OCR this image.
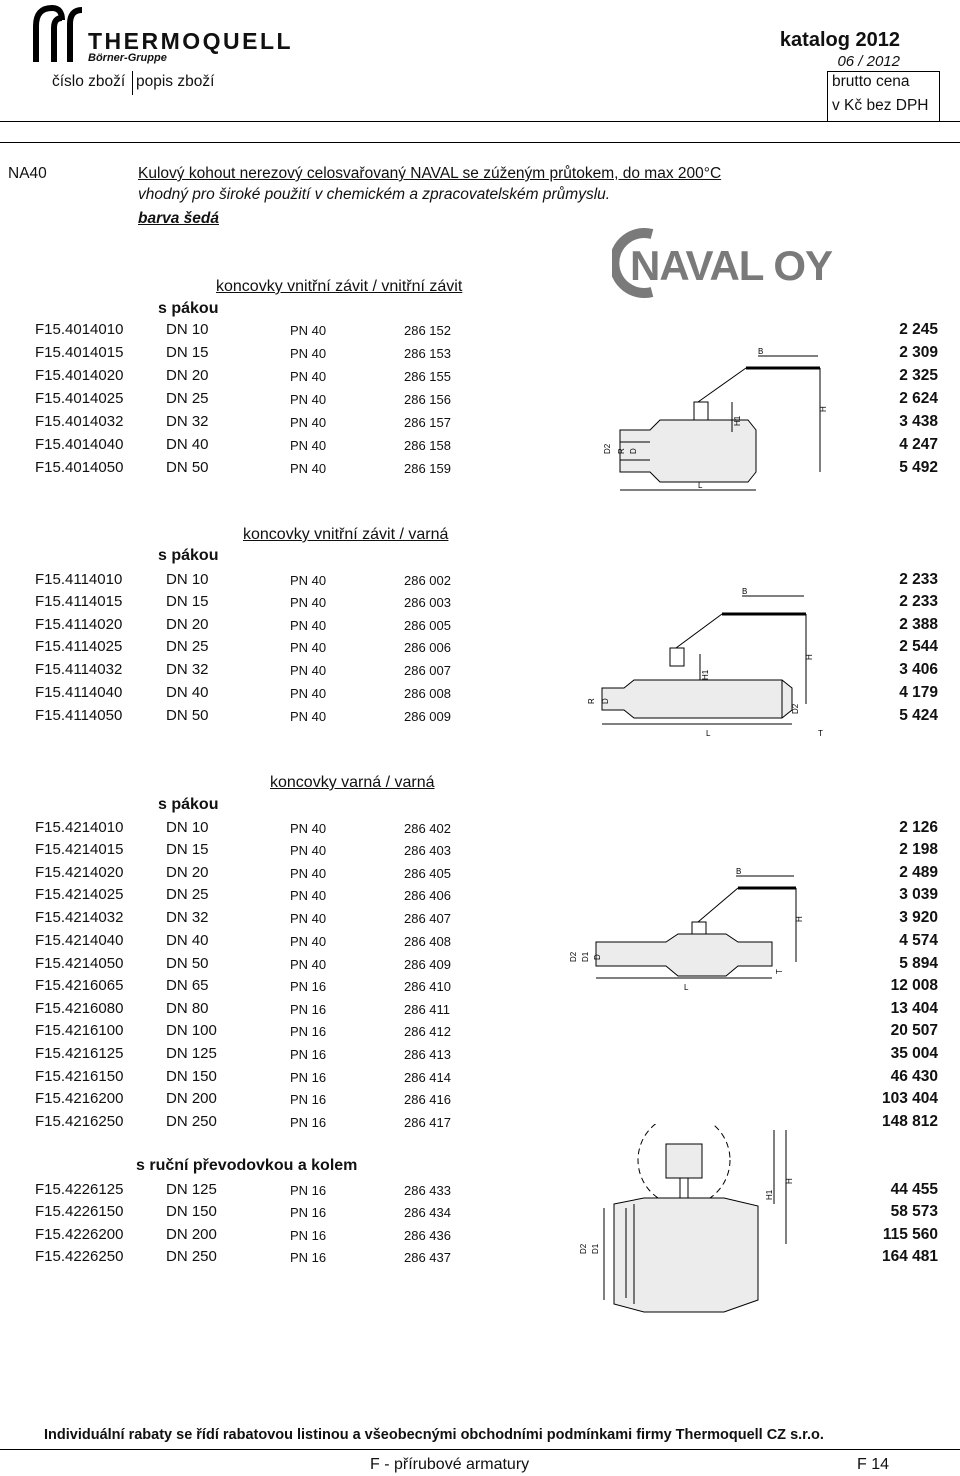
THERMOQUELL
Börner-Gruppe
katalog 2012
06 / 2012
číslo zboží popis zboží	brutto cena
v Kč bez DPH
NA40	Kulový kohout nerezový celosvařovaný NAVAL se zúženým průtokem, do max 200°C
vhodný pro široké použití v chemickém a zpracovatelském průmyslu.
barva šedá
NAVAL OY
koncovky vnitřní závit / vnitřní závit
s pákou
F15.4014010	DN 10	PN 40	286 152	2 245
F15.4014015	DN 15	PN 40	286 153	2 309
F15.4014020	DN 20	PN 40	286 155	2 325
F15.4014025	DN 25	PN 40	286 156	2 624
F15.4014032	DN 32	PN 40	286 157	3 438
F15.4014040	DN 40	PN 40	286 158	4 247
F15.4014050	DN 50	PN 40	286 159	5 492
B
H1
H
D2 R D
L
koncovky vnitřní závit / varná
s pákou
F15.4114010	DN 10	PN 40	286 002	2 233
F15.4114015	DN 15	PN 40	286 003	2 233
F15.4114020	DN 20	PN 40	286 005	2 388
F15.4114025	DN 25	PN 40	286 006	2 544
F15.4114032	DN 32	PN 40	286 007	3 406
F15.4114040	DN 40	PN 40	286 008	4 179
F15.4114050	DN 50	PN 40	286 009	5 424
B
H1
H
R D
D2
T
L
koncovky varná / varná
s pákou
F15.4214010	DN 10	PN 40	286 402	2 126
F15.4214015	DN 15	PN 40	286 403	2 198
F15.4214020	DN 20	PN 40	286 405	2 489
F15.4214025	DN 25	PN 40	286 406	3 039
F15.4214032	DN 32	PN 40	286 407	3 920
F15.4214040	DN 40	PN 40	286 408	4 574
F15.4214050	DN 50	PN 40	286 409	5 894
F15.4216065	DN 65	PN 16	286 410	12 008
F15.4216080	DN 80	PN 16	286 411	13 404
F15.4216100	DN 100	PN 16	286 412	20 507
F15.4216125	DN 125	PN 16	286 413	35 004
F15.4216150	DN 150	PN 16	286 414	46 430
F15.4216200	DN 200	PN 16	286 416	103 404
F15.4216250	DN 250	PN 16	286 417	148 812
B
H
D2 D1 D
T
L
s ruční převodovkou a kolem
F15.4226125	DN 125	PN 16	286 433	44 455
F15.4226150	DN 150	PN 16	286 434	58 573
F15.4226200	DN 200	PN 16	286 436	115 560
F15.4226250	DN 250	PN 16	286 437	164 481
H1
H
D2 D1
Individuální rabaty se řídí rabatovou listinou a všeobecnými obchodními podmínkami firmy Thermoquell CZ s.r.o.
F - přírubové armatury	F 14
